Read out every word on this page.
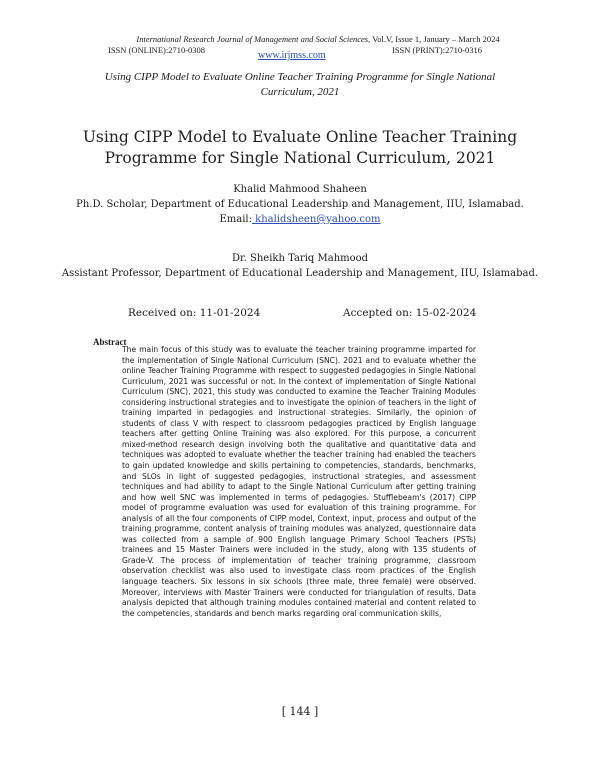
International Research Journal of Management and Social Sciences, Vol.V, Issue 1, January – March 2024
ISSN (ONLINE):2710-0308	www.irjmss.com	ISSN (PRINT):2710-0316
Using CIPP Model to Evaluate Online Teacher Training Programme for Single National Curriculum, 2021
Using CIPP Model to Evaluate Online Teacher Training Programme for Single National Curriculum, 2021
Khalid Mahmood Shaheen
Ph.D. Scholar, Department of Educational Leadership and Management, IIU, Islamabad.
Email: khalidsheen@yahoo.com
Dr. Sheikh Tariq Mahmood
Assistant Professor, Department of Educational Leadership and Management, IIU, Islamabad.
Received on: 11-01-2024	Accepted on: 15-02-2024
Abstract
The main focus of this study was to evaluate the teacher training programme imparted for the implementation of Single National Curriculum (SNC). 2021 and to evaluate whether the online Teacher Training Programme with respect to suggested pedagogies in Single National Curriculum, 2021 was successful or not. In the context of implementation of Single National Curriculum (SNC), 2021, this study was conducted to examine the Teacher Training Modules considering instructional strategies and to investigate the opinion of teachers in the light of training imparted in pedagogies and instructional strategies. Similarly, the opinion of students of class V with respect to classroom pedagogies practiced by English language teachers after getting Online Training was also explored. For this purpose, a concurrent mixed-method research design involving both the qualitative and quantitative data and techniques was adopted to evaluate whether the teacher training had enabled the teachers to gain updated knowledge and skills pertaining to competencies, standards, benchmarks, and SLOs in light of suggested pedagogies, instructional strategies, and assessment techniques and had ability to adapt to the Single National Curriculum after getting training and how well SNC was implemented in terms of pedagogies. Stufflebeam's (2017) CIPP model of programme evaluation was used for evaluation of this training programme. For analysis of all the four components of CIPP model, Context, input, process and output of the training programme, content analysis of training modules was analyzed, questionnaire data was collected from a sample of 900 English language Primary School Teachers (PSTs) trainees and 15 Master Trainers were included in the study, along with 135 students of Grade-V. The process of implementation of teacher training programme, classroom observation checklist was also used to investigate class room practices of the English language teachers. Six lessons in six schools (three male, three female) were observed. Moreover, interviews with Master Trainers were conducted for triangulation of results. Data analysis depicted that although training modules contained material and content related to the competencies, standards and bench marks regarding oral communication skills,
[ 144 ]
